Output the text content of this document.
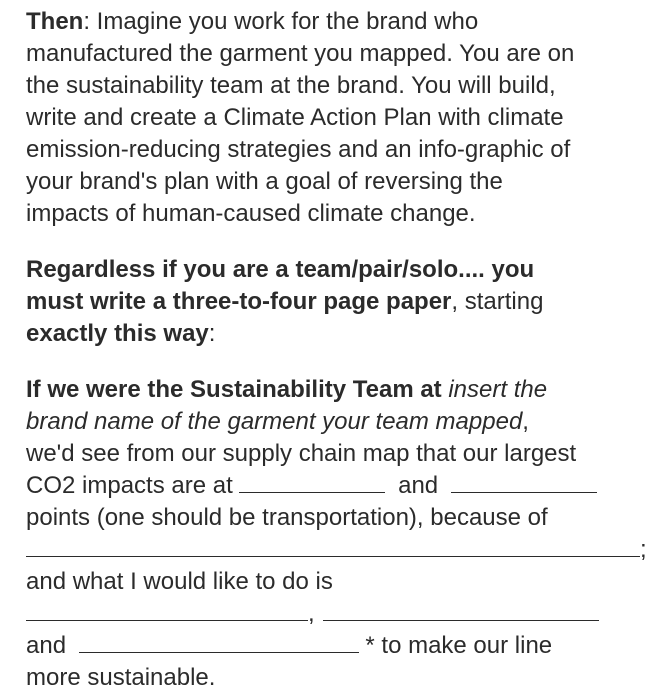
Then: Imagine you work for the brand who
manufactured the garment you mapped. You are on
the sustainability team at the brand. You will build,
write and create a Climate Action Plan with climate
emission-reducing strategies and an info-graphic of
your brand's plan with a goal of reversing the
impacts of human-caused climate change.
Regardless if you are a team/pair/solo.... you
must write a three-to-four page paper, starting
exactly this way:
If we were the Sustainability Team at insert the
brand name of the garment your team mapped,
we'd see from our supply chain map that our largest
CO2 impacts are at	and
points (one should be transportation), because of
;
and what I would like to do is
,
and	* to make our line
more sustainable.
